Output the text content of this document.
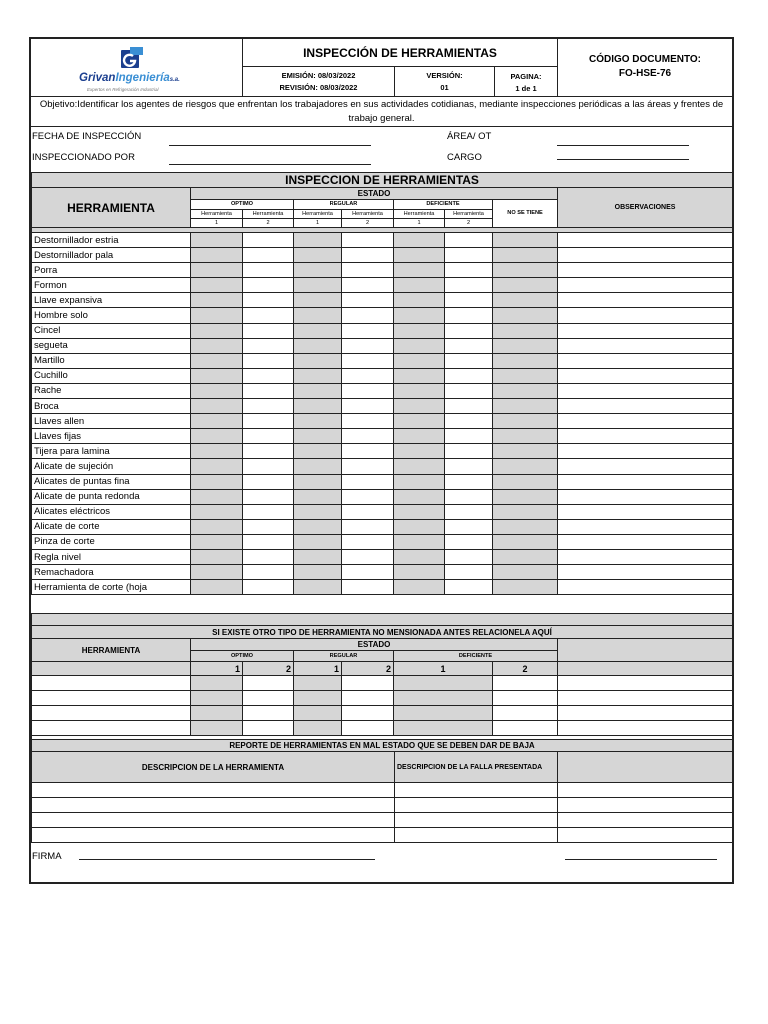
GrivanIngenierías.a.
Expertos en Refrigeración Industrial
INSPECCIÓN DE HERRAMIENTAS
EMISIÓN: 08/03/2022
REVISIÓN: 08/03/2022
VERSIÓN:
01
PAGINA:
1 de 1
CÓDIGO DOCUMENTO:
FO-HSE-76
Objetivo:Identificar los agentes de riesgos que enfrentan los trabajadores en sus actividades cotidianas, mediante inspecciones periódicas a las áreas y frentes de trabajo general.
FECHA DE INSPECCIÓN	ÁREA/ OT
INSPECCIONADO POR	CARGO
INSPECCION DE HERRAMIENTAS								
HERRAMIENTA	ESTADO							OBSERVACIONES
	OPTIMO		REGULAR		DEFICIENTE		NO SE TIENE	
	Herramienta	Herramienta	Herramienta	Herramienta	Herramienta	Herramienta		
	1	2	1	2	1	2		

Destornillador estria								
Destornillador pala								
Porra								
Formon								
Llave expansiva								
Hombre solo								
Cincel								
segueta								
Martillo								
Cuchillo								
Rache								
Broca								
Llaves allen								
Llaves fijas								
Tijera para lamina								
Alicate de sujeción								
Alicates de puntas fina								
Alicate de punta redonda								
Alicates eléctricos								
Alicate de corte								
Pinza de corte								
Regla nivel								
Remachadora								
Herramienta de corte (hoja								

SI EXISTE OTRO TIPO DE HERRAMIENTA NO MENSIONADA ANTES RELACIONELA AQUÍ							
HERRAMIENTA	ESTADO						
	OPTIMO		REGULAR		DEFICIENTE		
	1	2	1	2	1	2	

REPORTE DE HERRAMIENTAS EN MAL ESTADO QUE SE DEBEN DAR DE BAJA		
DESCRIPCION DE LA HERRAMIENTA	DESCRIPCION DE LA FALLA PRESENTADA	

FIRMA
